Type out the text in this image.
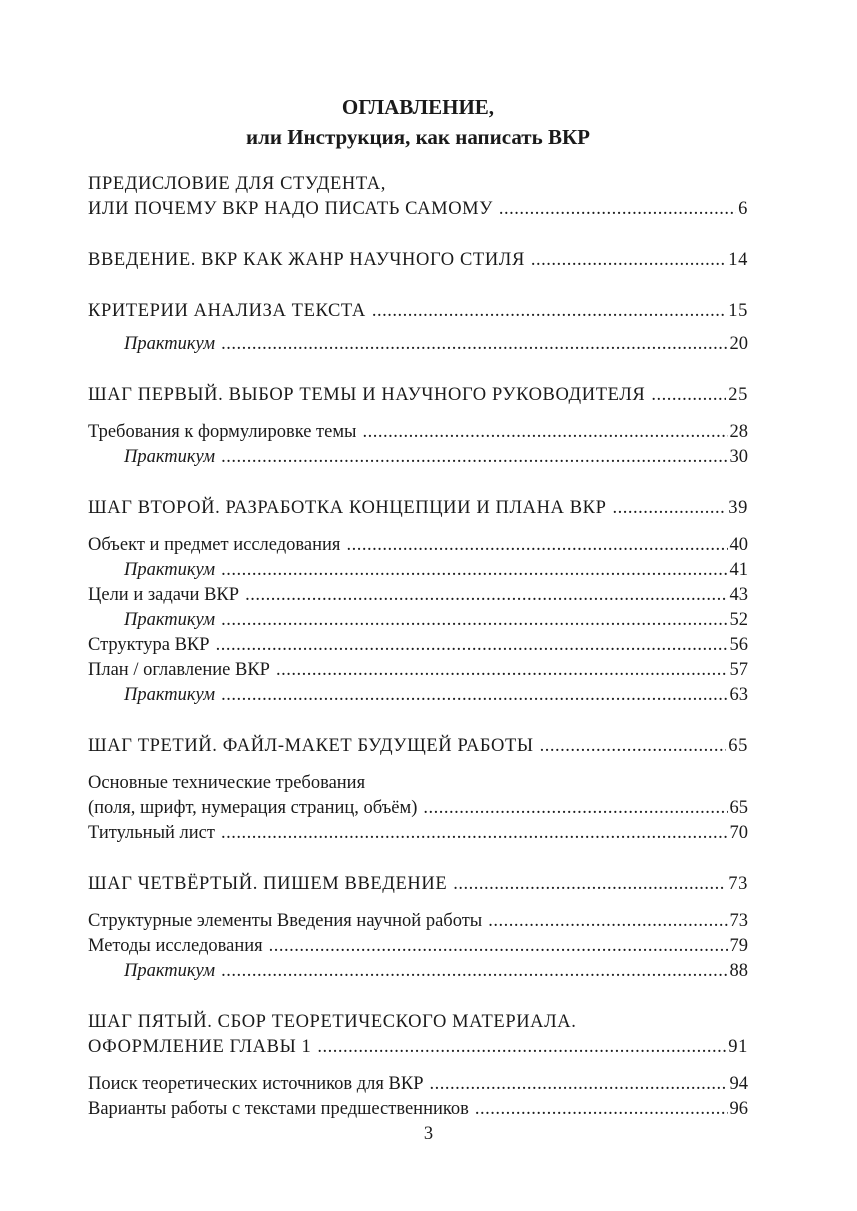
ОГЛАВЛЕНИЕ,
или Инструкция, как написать ВКР
ПРЕДИСЛОВИЕ ДЛЯ СТУДЕНТА,
ИЛИ ПОЧЕМУ ВКР НАДО ПИСАТЬ САМОМУ .....	6
ВВЕДЕНИЕ. ВКР КАК ЖАНР НАУЧНОГО СТИЛЯ .....	14
КРИТЕРИИ АНАЛИЗА ТЕКСТА .....	15
Практикум .....	20
ШАГ ПЕРВЫЙ. ВЫБОР ТЕМЫ И НАУЧНОГО РУКОВОДИТЕЛЯ .....	25
Требования к формулировке темы .....	28
Практикум .....	30
ШАГ ВТОРОЙ. РАЗРАБОТКА КОНЦЕПЦИИ И ПЛАНА ВКР .....	39
Объект и предмет исследования .....	40
Практикум .....	41
Цели и задачи ВКР .....	43
Практикум .....	52
Структура ВКР .....	56
План / оглавление ВКР .....	57
Практикум .....	63
ШАГ ТРЕТИЙ. ФАЙЛ-МАКЕТ БУДУЩЕЙ РАБОТЫ .....	65
Основные технические требования
(поля, шрифт, нумерация страниц, объём) .....	65
Титульный лист .....	70
ШАГ ЧЕТВЁРТЫЙ. ПИШЕМ ВВЕДЕНИЕ .....	73
Структурные элементы Введения научной работы .....	73
Методы исследования .....	79
Практикум .....	88
ШАГ ПЯТЫЙ. СБОР ТЕОРЕТИЧЕСКОГО МАТЕРИАЛА.
ОФОРМЛЕНИЕ ГЛАВЫ 1 .....	91
Поиск теоретических источников для ВКР .....	94
Варианты работы с текстами предшественников .....	96
3
